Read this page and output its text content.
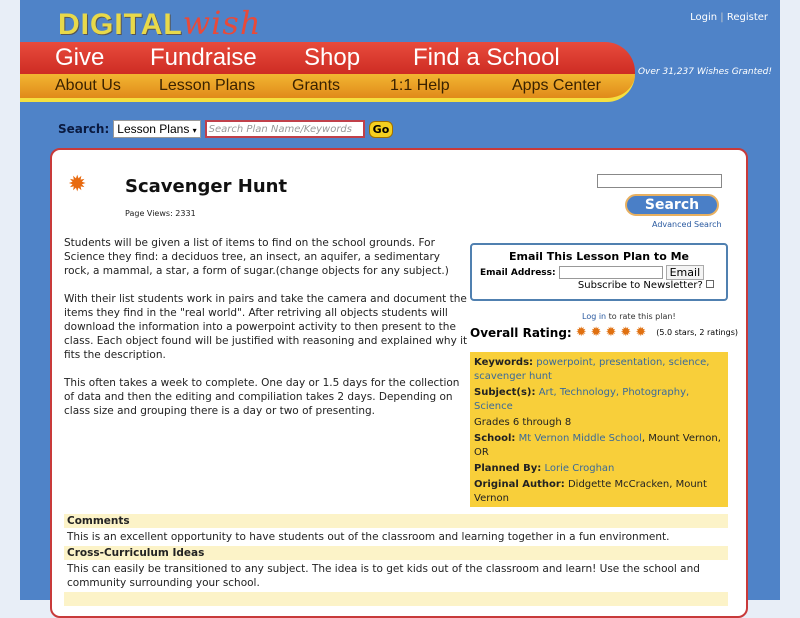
DIGITALwish	Login | Register
Give Fundraise Shop Find a School
About Us Lesson Plans Grants	1:1 Help	Apps Center
Over 31,237 Wishes Granted!
Search: Lesson Plans ▾	Search Plan Name/Keywords	Go
✹ Scavenger Hunt
Page Views: 2331

Students will be given a list of items to find on the school grounds. For Science they find: a deciduos tree, an insect, an aquifer, a sedimentary rock, a mammal, a star, a form of sugar.(change objects for any subject.)

With their list students work in pairs and take the camera and document the items they find in the "real world". After retriving all objects students will download the information into a powerpoint activity to then present to the class. Each object found will be justified with reasoning and explained why it fits the description.

This often takes a week to complete. One day or 1.5 days for the collection of data and then the editing and compiliation takes 2 days. Depending on class size and grouping there is a day or two of presenting.

Search
Advanced Search
Email This Lesson Plan to Me
Email Address:	Email
Subscribe to Newsletter?
Log in to rate this plan!
Overall Rating: ✹ ✹ ✹ ✹ ✹ (5.0 stars, 2 ratings)
Keywords: powerpoint, presentation, science, scavenger hunt
Subject(s): Art, Technology, Photography, Science
Grades 6 through 8
School: Mt Vernon Middle School, Mount Vernon, OR
Planned By: Lorie Croghan
Original Author: Didgette McCracken, Mount Vernon
Comments
This is an excellent opportunity to have students out of the classroom and learning together in a fun environment.
Cross-Curriculum Ideas
This can easily be transitioned to any subject. The idea is to get kids out of the classroom and learn! Use the school and community surrounding your school.
